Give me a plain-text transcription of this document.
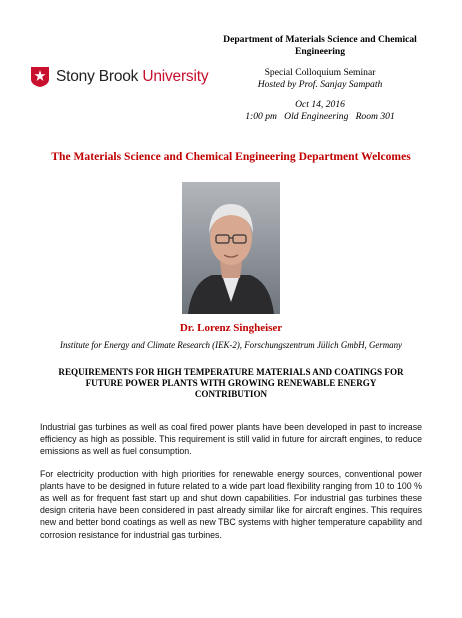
Stony Brook University
Department of Materials Science and Chemical Engineering
Special Colloquium Seminar
Hosted by Prof. Sanjay Sampath
Oct 14, 2016
1:00 pm   Old Engineering   Room 301
The Materials Science and Chemical Engineering Department Welcomes
Dr. Lorenz Singheiser
Institute for Energy and Climate Research (IEK-2), Forschungszentrum Jülich GmbH, Germany
REQUIREMENTS FOR HIGH TEMPERATURE MATERIALS AND COATINGS FOR FUTURE POWER PLANTS WITH GROWING RENEWABLE ENERGY CONTRIBUTION

Industrial gas turbines as well as coal fired power plants have been developed in past to increase efficiency as high as possible. This requirement is still valid in future for aircraft engines, to reduce emissions as well as fuel consumption.

For electricity production with high priorities for renewable energy sources, conventional power plants have to be designed in future related to a wide part load flexibility ranging from 10 to 100 % as well as for frequent fast start up and shut down capabilities. For industrial gas turbines these design criteria have been considered in past already similar like for aircraft engines. This requires new and better bond coatings as well as new TBC systems with higher temperature capability and corrosion resistance for industrial gas turbines.
